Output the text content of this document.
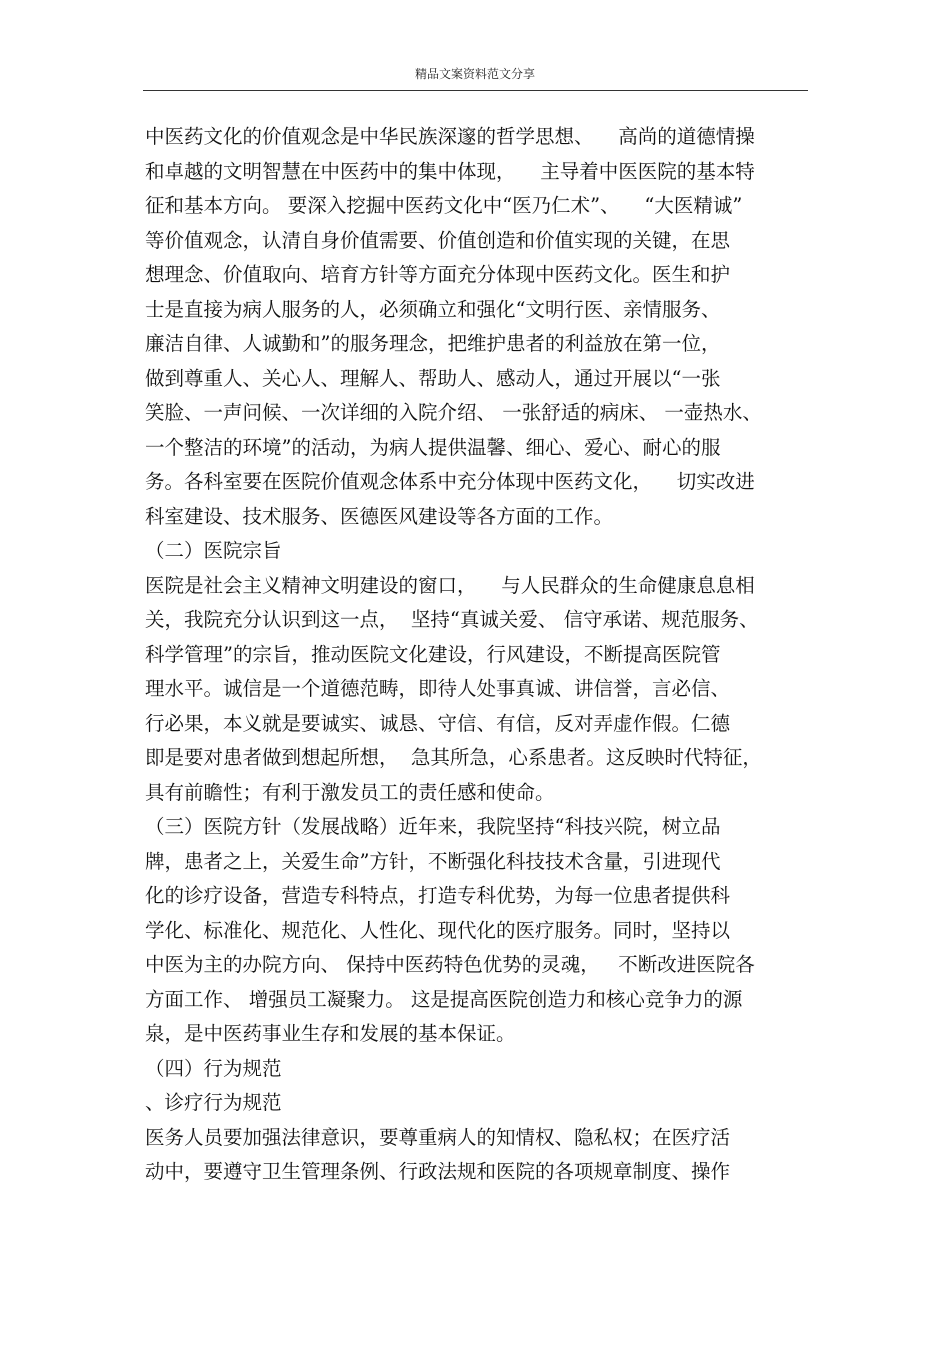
精品文案资料范文分享
中医药文化的价值观念是中华民族深邃的哲学思想、    高尚的道德情操
和卓越的文明智慧在中医药中的集中体现，    主导着中医医院的基本特
征和基本方向。 要深入挖掘中医药文化中“医乃仁术”、    “大医精诚”
等价值观念，认清自身价值需要、价值创造和价值实现的关键，在思
想理念、价值取向、培育方针等方面充分体现中医药文化。医生和护
士是直接为病人服务的人，必须确立和强化“文明行医、亲情服务、
廉洁自律、人诚勤和”的服务理念，把维护患者的利益放在第一位，
做到尊重人、关心人、理解人、帮助人、感动人，通过开展以“一张
笑脸、一声问候、一次详细的入院介绍、 一张舒适的病床、 一壶热水、
一个整洁的环境”的活动，为病人提供温馨、细心、爱心、耐心的服
务。各科室要在医院价值观念体系中充分体现中医药文化，    切实改进
科室建设、技术服务、医德医风建设等各方面的工作。
（二）医院宗旨
医院是社会主义精神文明建设的窗口，    与人民群众的生命健康息息相
关，我院充分认识到这一点，  坚持“真诚关爱、 信守承诺、规范服务、
科学管理”的宗旨，推动医院文化建设，行风建设，不断提高医院管
理水平。诚信是一个道德范畴，即待人处事真诚、讲信誉，言必信、
行必果，本义就是要诚实、诚恳、守信、有信，反对弄虚作假。仁德
即是要对患者做到想起所想，  急其所急，心系患者。这反映时代特征，
具有前瞻性；有利于激发员工的责任感和使命。
（三）医院方针（发展战略）近年来，我院坚持“科技兴院，树立品
牌，患者之上，关爱生命”方针，不断强化科技技术含量，引进现代
化的诊疗设备，营造专科特点，打造专科优势，为每一位患者提供科
学化、标准化、规范化、人性化、现代化的医疗服务。同时，坚持以
中医为主的办院方向、 保持中医药特色优势的灵魂，   不断改进医院各
方面工作、 增强员工凝聚力。 这是提高医院创造力和核心竞争力的源
泉，是中医药事业生存和发展的基本保证。
（四）行为规范
、诊疗行为规范
医务人员要加强法律意识，要尊重病人的知情权、隐私权；在医疗活
动中，要遵守卫生管理条例、行政法规和医院的各项规章制度、操作
